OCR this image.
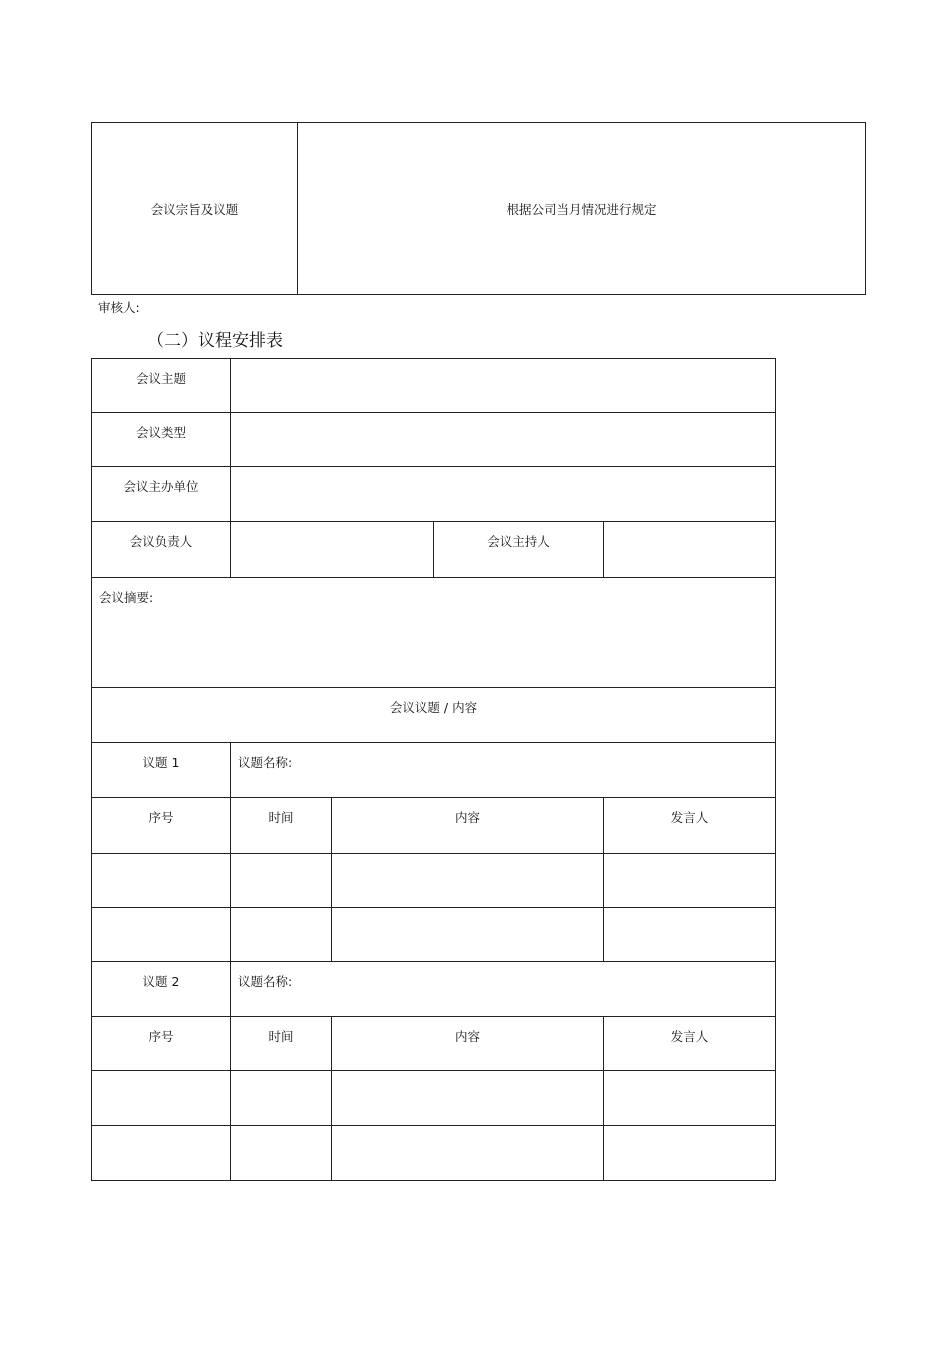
会议宗旨及议题	根据公司当月情况进行规定
审核人:
（二）议程安排表
会议主题				
会议类型				
会议主办单位				
会议负责人			会议主持人	
会议摘要:				
会议议题 / 内容				
议题 1	议题名称:			
序号	时间	内容		发言人

议题 2	议题名称:			
序号	时间	内容		发言人
